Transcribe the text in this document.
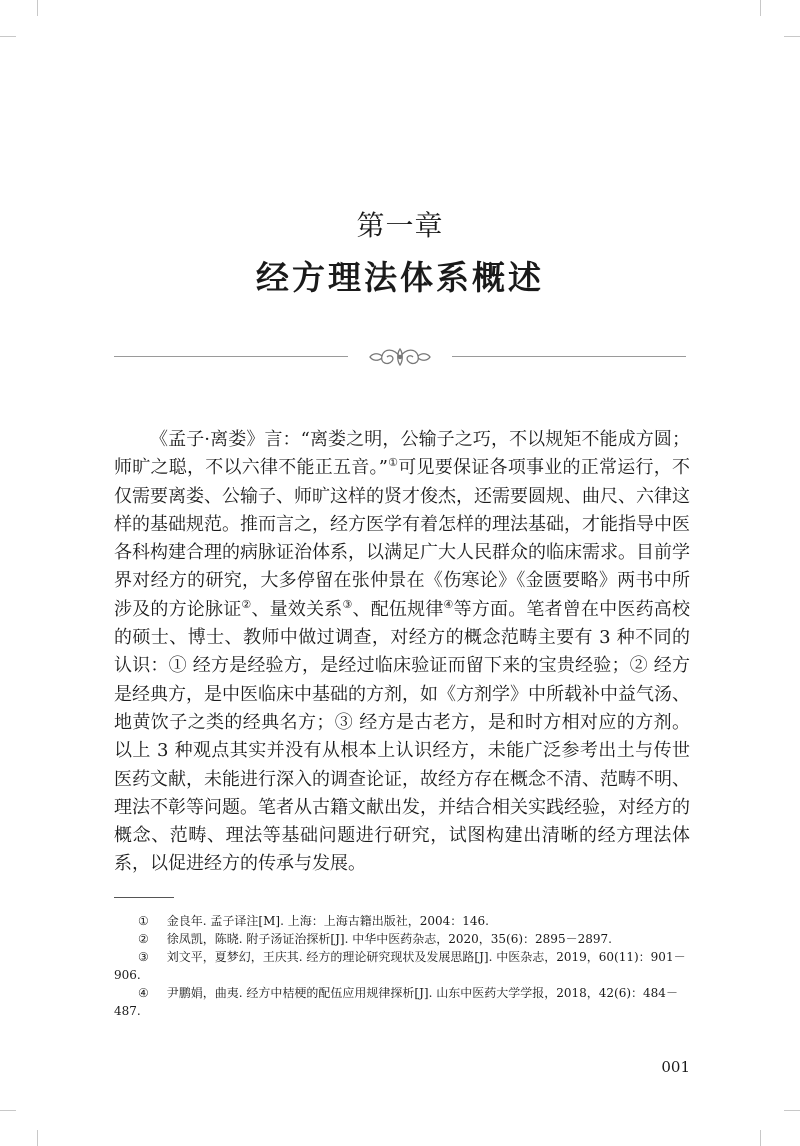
第一章
经方理法体系概述

《孟子·离娄》言：“离娄之明，公输子之巧，不以规矩不能成方圆；师旷之聪，不以六律不能正五音。”①可见要保证各项事业的正常运行，不仅需要离娄、公输子、师旷这样的贤才俊杰，还需要圆规、曲尺、六律这样的基础规范。推而言之，经方医学有着怎样的理法基础，才能指导中医各科构建合理的病脉证治体系，以满足广大人民群众的临床需求。目前学界对经方的研究，大多停留在张仲景在《伤寒论》《金匮要略》两书中所涉及的方论脉证②、量效关系③、配伍规律④等方面。笔者曾在中医药高校的硕士、博士、教师中做过调查，对经方的概念范畴主要有 3 种不同的认识：① 经方是经验方，是经过临床验证而留下来的宝贵经验；② 经方是经典方，是中医临床中基础的方剂，如《方剂学》中所载补中益气汤、地黄饮子之类的经典名方；③ 经方是古老方，是和时方相对应的方剂。以上 3 种观点其实并没有从根本上认识经方，未能广泛参考出土与传世医药文献，未能进行深入的调查论证，故经方存在概念不清、范畴不明、理法不彰等问题。笔者从古籍文献出发，并结合相关实践经验，对经方的概念、范畴、理法等基础问题进行研究，试图构建出清晰的经方理法体系，以促进经方的传承与发展。

① 金良年. 孟子译注[M]. 上海：上海古籍出版社，2004：146.
② 徐凤凯，陈晓. 附子汤证治探析[J]. 中华中医药杂志，2020，35(6)：2895－2897.
③ 刘文平，夏梦幻，王庆其. 经方的理论研究现状及发展思路[J]. 中医杂志，2019，60(11)：901－906.
④ 尹鹏娟，曲夷. 经方中桔梗的配伍应用规律探析[J]. 山东中医药大学学报，2018，42(6)：484－487.
001
